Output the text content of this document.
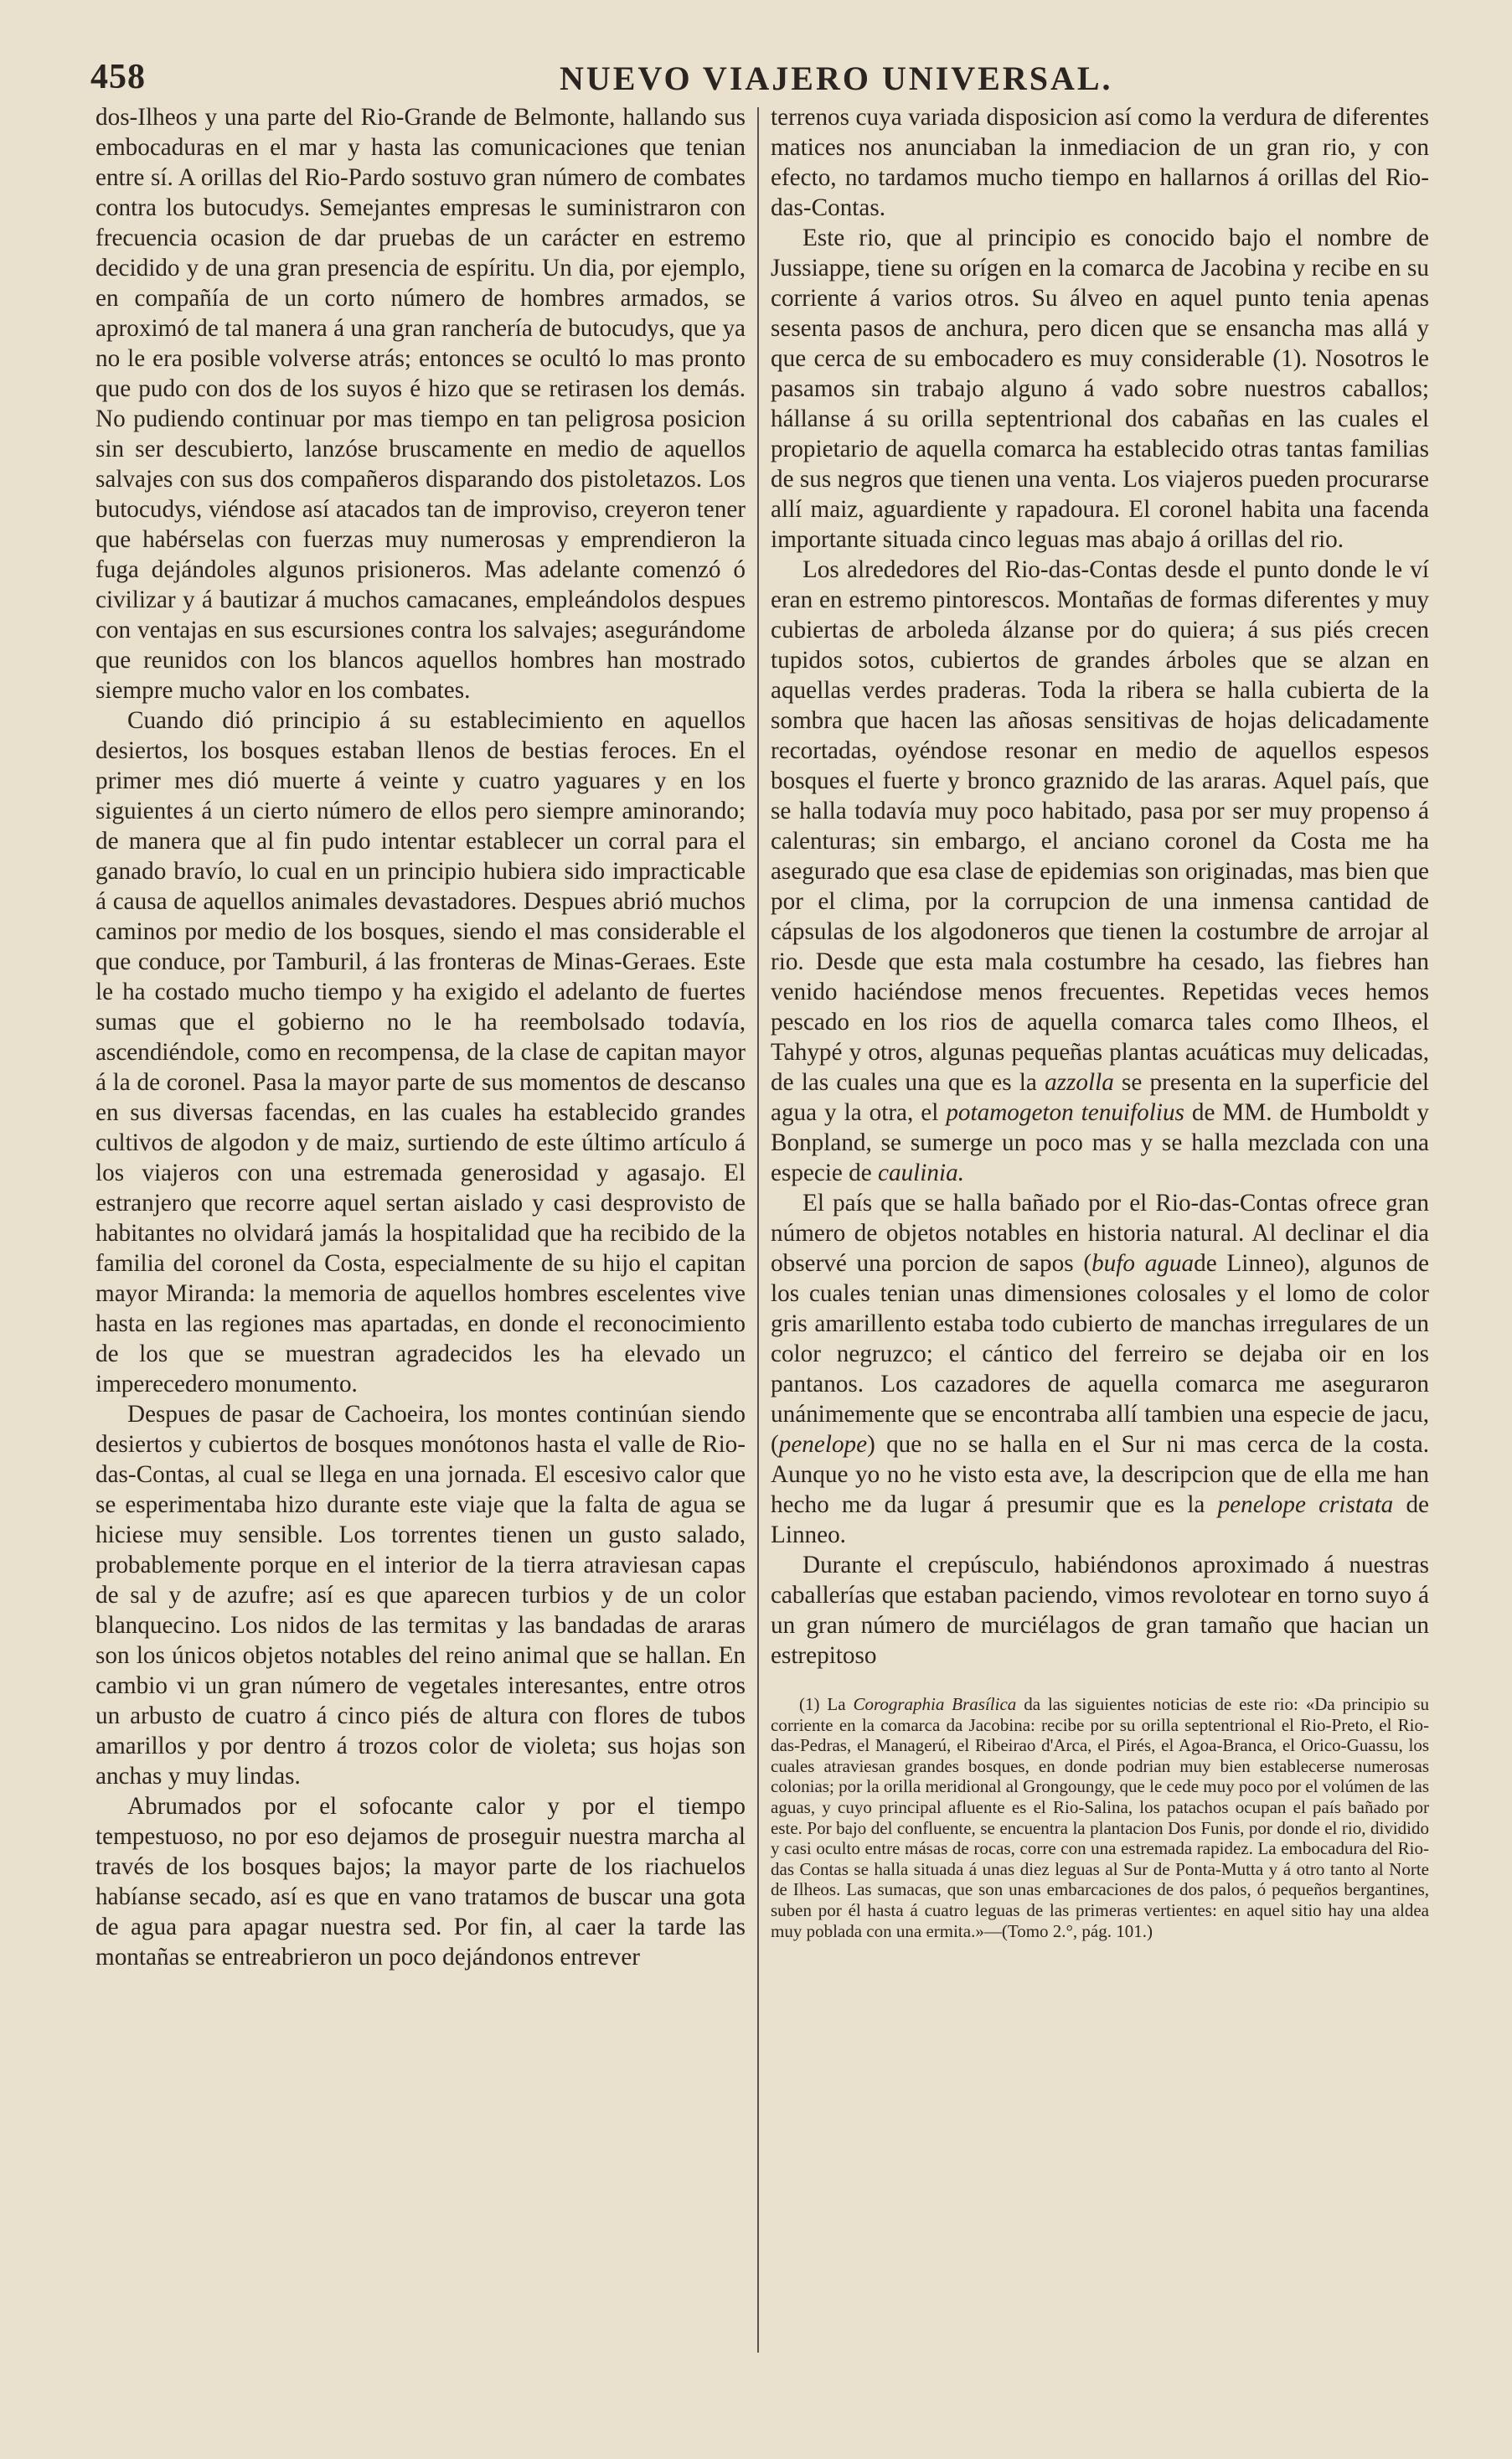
458	NUEVO VIAJERO UNIVERSAL.

dos-Ilheos y una parte del Rio-Grande de Belmonte, hallando sus embocaduras en el mar y hasta las comunicaciones que tenian entre sí. A orillas del Rio-Pardo sostuvo gran número de combates contra los butocudys. Semejantes empresas le suministraron con frecuencia ocasion de dar pruebas de un carácter en estremo decidido y de una gran presencia de espíritu. Un dia, por ejemplo, en compañía de un corto número de hombres armados, se aproximó de tal manera á una gran ranchería de butocudys, que ya no le era posible volverse atrás; entonces se ocultó lo mas pronto que pudo con dos de los suyos é hizo que se retirasen los demás. No pudiendo continuar por mas tiempo en tan peligrosa posicion sin ser descubierto, lanzóse bruscamente en medio de aquellos salvajes con sus dos compañeros disparando dos pistoletazos. Los butocudys, viéndose así atacados tan de improviso, creyeron tener que habérselas con fuerzas muy numerosas y emprendieron la fuga dejándoles algunos prisioneros. Mas adelante comenzó ó civilizar y á bautizar á muchos camacanes, empleándolos despues con ventajas en sus escursiones contra los salvajes; asegurándome que reunidos con los blancos aquellos hombres han mostrado siempre mucho valor en los combates.

Cuando dió principio á su establecimiento en aquellos desiertos, los bosques estaban llenos de bestias feroces. En el primer mes dió muerte á veinte y cuatro yaguares y en los siguientes á un cierto número de ellos pero siempre aminorando; de manera que al fin pudo intentar establecer un corral para el ganado bravío, lo cual en un principio hubiera sido impracticable á causa de aquellos animales devastadores. Despues abrió muchos caminos por medio de los bosques, siendo el mas considerable el que conduce, por Tamburil, á las fronteras de Minas-Geraes. Este le ha costado mucho tiempo y ha exigido el adelanto de fuertes sumas que el gobierno no le ha reembolsado todavía, ascendiéndole, como en recompensa, de la clase de capitan mayor á la de coronel. Pasa la mayor parte de sus momentos de descanso en sus diversas facendas, en las cuales ha establecido grandes cultivos de algodon y de maiz, surtiendo de este último artículo á los viajeros con una estremada generosidad y agasajo. El estranjero que recorre aquel sertan aislado y casi desprovisto de habitantes no olvidará jamás la hospitalidad que ha recibido de la familia del coronel da Costa, especialmente de su hijo el capitan mayor Miranda: la memoria de aquellos hombres escelentes vive hasta en las regiones mas apartadas, en donde el reconocimiento de los que se muestran agradecidos les ha elevado un imperecedero monumento.

Despues de pasar de Cachoeira, los montes continúan siendo desiertos y cubiertos de bosques monótonos hasta el valle de Rio-das-Contas, al cual se llega en una jornada. El escesivo calor que se esperimentaba hizo durante este viaje que la falta de agua se hiciese muy sensible. Los torrentes tienen un gusto salado, probablemente porque en el interior de la tierra atraviesan capas de sal y de azufre; así es que aparecen turbios y de un color blanquecino. Los nidos de las termitas y las bandadas de araras son los únicos objetos notables del reino animal que se hallan. En cambio vi un gran número de vegetales interesantes, entre otros un arbusto de cuatro á cinco piés de altura con flores de tubos amarillos y por dentro á trozos color de violeta; sus hojas son anchas y muy lindas.

Abrumados por el sofocante calor y por el tiempo tempestuoso, no por eso dejamos de proseguir nuestra marcha al través de los bosques bajos; la mayor parte de los riachuelos habíanse secado, así es que en vano tratamos de buscar una gota de agua para apagar nuestra sed. Por fin, al caer la tarde las montañas se entreabrieron un poco dejándonos entrever

terrenos cuya variada disposicion así como la verdura de diferentes matices nos anunciaban la inmediacion de un gran rio, y con efecto, no tardamos mucho tiempo en hallarnos á orillas del Rio-das-Contas.

Este rio, que al principio es conocido bajo el nombre de Jussiappe, tiene su orígen en la comarca de Jacobina y recibe en su corriente á varios otros. Su álveo en aquel punto tenia apenas sesenta pasos de anchura, pero dicen que se ensancha mas allá y que cerca de su embocadero es muy considerable (1). Nosotros le pasamos sin trabajo alguno á vado sobre nuestros caballos; hállanse á su orilla septentrional dos cabañas en las cuales el propietario de aquella comarca ha establecido otras tantas familias de sus negros que tienen una venta. Los viajeros pueden procurarse allí maiz, aguardiente y rapadoura. El coronel habita una facenda importante situada cinco leguas mas abajo á orillas del rio.

Los alrededores del Rio-das-Contas desde el punto donde le ví eran en estremo pintorescos. Montañas de formas diferentes y muy cubiertas de arboleda álzanse por do quiera; á sus piés crecen tupidos sotos, cubiertos de grandes árboles que se alzan en aquellas verdes praderas. Toda la ribera se halla cubierta de la sombra que hacen las añosas sensitivas de hojas delicadamente recortadas, oyéndose resonar en medio de aquellos espesos bosques el fuerte y bronco graznido de las araras. Aquel país, que se halla todavía muy poco habitado, pasa por ser muy propenso á calenturas; sin embargo, el anciano coronel da Costa me ha asegurado que esa clase de epidemias son originadas, mas bien que por el clima, por la corrupcion de una inmensa cantidad de cápsulas de los algodoneros que tienen la costumbre de arrojar al rio. Desde que esta mala costumbre ha cesado, las fiebres han venido haciéndose menos frecuentes. Repetidas veces hemos pescado en los rios de aquella comarca tales como Ilheos, el Tahypé y otros, algunas pequeñas plantas acuáticas muy delicadas, de las cuales una que es la azzolla se presenta en la superficie del agua y la otra, el potamogeton tenuifolius de MM. de Humboldt y Bonpland, se sumerge un poco mas y se halla mezclada con una especie de caulinia.

El país que se halla bañado por el Rio-das-Contas ofrece gran número de objetos notables en historia natural. Al declinar el dia observé una porcion de sapos (bufo aguade Linneo), algunos de los cuales tenian unas dimensiones colosales y el lomo de color gris amarillento estaba todo cubierto de manchas irregulares de un color negruzco; el cántico del ferreiro se dejaba oir en los pantanos. Los cazadores de aquella comarca me aseguraron unánimemente que se encontraba allí tambien una especie de jacu, (penelope) que no se halla en el Sur ni mas cerca de la costa. Aunque yo no he visto esta ave, la descripcion que de ella me han hecho me da lugar á presumir que es la penelope cristata de Linneo.

Durante el crepúsculo, habiéndonos aproximado á nuestras caballerías que estaban paciendo, vimos revolotear en torno suyo á un gran número de murciélagos de gran tamaño que hacian un estrepitoso

(1) La Corographia Brasílica da las siguientes noticias de este rio: «Da principio su corriente en la comarca da Jacobina: recibe por su orilla septentrional el Rio-Preto, el Rio-das-Pedras, el Managerú, el Ribeirao d'Arca, el Pirés, el Agoa-Branca, el Orico-Guassu, los cuales atraviesan grandes bosques, en donde podrian muy bien establecerse numerosas colonias; por la orilla meridional al Grongoungy, que le cede muy poco por el volúmen de las aguas, y cuyo principal afluente es el Rio-Salina, los patachos ocupan el país bañado por este. Por bajo del confluente, se encuentra la plantacion Dos Funis, por donde el rio, dividido y casi oculto entre másas de rocas, corre con una estremada rapidez. La embocadura del Rio-das Contas se halla situada á unas diez leguas al Sur de Ponta-Mutta y á otro tanto al Norte de Ilheos. Las sumacas, que son unas embarcaciones de dos palos, ó pequeños bergantines, suben por él hasta á cuatro leguas de las primeras vertientes: en aquel sitio hay una aldea muy poblada con una ermita.»—(Tomo 2.°, pág. 101.)
